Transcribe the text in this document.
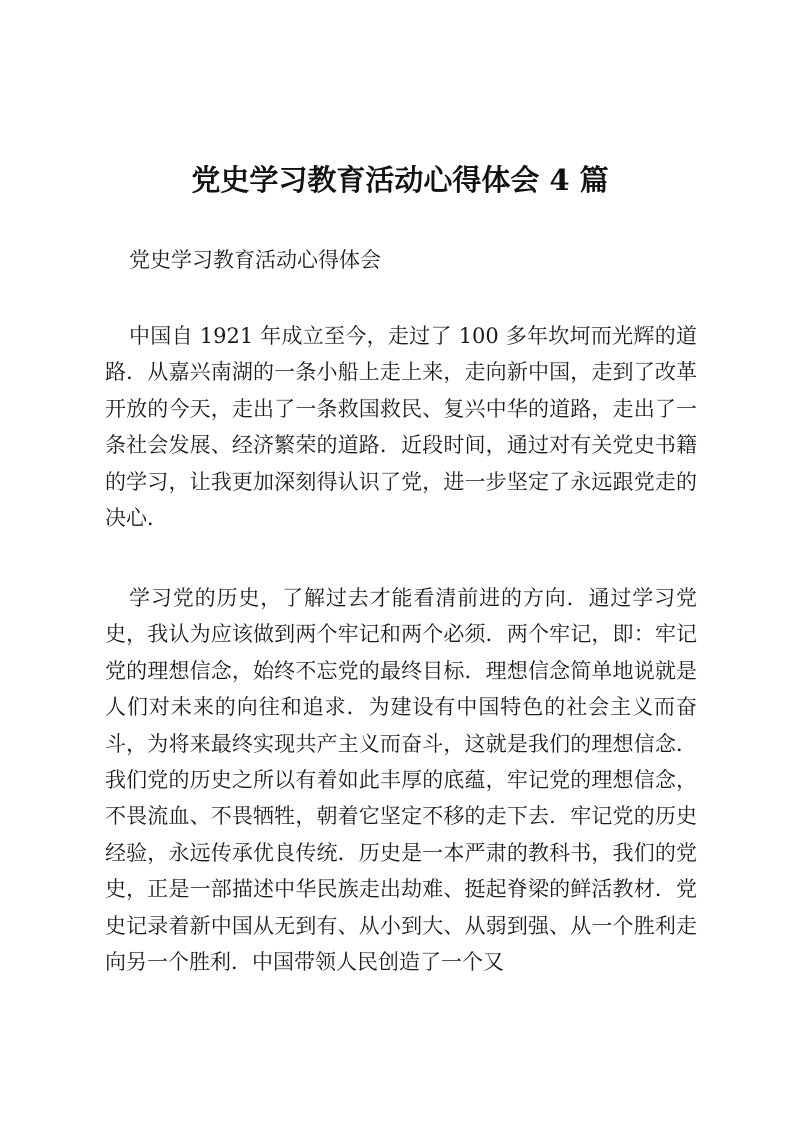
党史学习教育活动心得体会 4 篇

党史学习教育活动心得体会

中国自 1921 年成立至今，走过了 100 多年坎坷而光辉的道路．从嘉兴南湖的一条小船上走上来，走向新中国，走到了改革开放的今天，走出了一条救国救民、复兴中华的道路，走出了一条社会发展、经济繁荣的道路．近段时间，通过对有关党史书籍的学习，让我更加深刻得认识了党，进一步坚定了永远跟党走的决心．

学习党的历史，了解过去才能看清前进的方向．通过学习党史，我认为应该做到两个牢记和两个必须．两个牢记，即：牢记党的理想信念，始终不忘党的最终目标．理想信念简单地说就是人们对未来的向往和追求．为建设有中国特色的社会主义而奋斗，为将来最终实现共产主义而奋斗，这就是我们的理想信念．我们党的历史之所以有着如此丰厚的底蕴，牢记党的理想信念，不畏流血、不畏牺牲，朝着它坚定不移的走下去．牢记党的历史经验，永远传承优良传统．历史是一本严肃的教科书，我们的党史，正是一部描述中华民族走出劫难、挺起脊梁的鲜活教材．党史记录着新中国从无到有、从小到大、从弱到强、从一个胜利走向另一个胜利．中国带领人民创造了一个又
